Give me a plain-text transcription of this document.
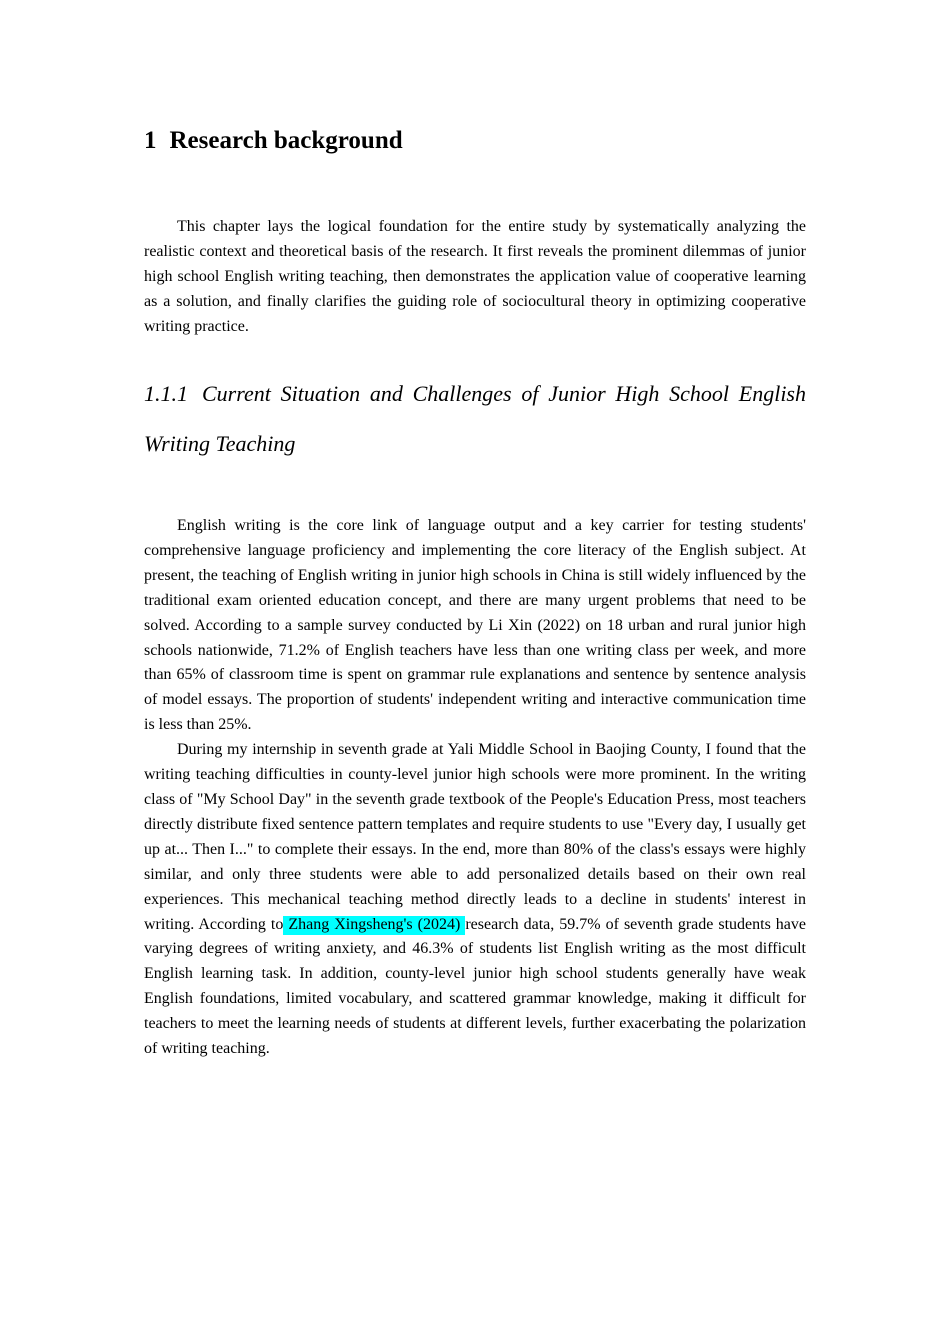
1 Research background

This chapter lays the logical foundation for the entire study by systematically analyzing the realistic context and theoretical basis of the research. It first reveals the prominent dilemmas of junior high school English writing teaching, then demonstrates the application value of cooperative learning as a solution, and finally clarifies the guiding role of sociocultural theory in optimizing cooperative writing practice.

1.1.1 Current Situation and Challenges of Junior High School English Writing Teaching

English writing is the core link of language output and a key carrier for testing students' comprehensive language proficiency and implementing the core literacy of the English subject. At present, the teaching of English writing in junior high schools in China is still widely influenced by the traditional exam oriented education concept, and there are many urgent problems that need to be solved. According to a sample survey conducted by Li Xin (2022) on 18 urban and rural junior high schools nationwide, 71.2% of English teachers have less than one writing class per week, and more than 65% of classroom time is spent on grammar rule explanations and sentence by sentence analysis of model essays. The proportion of students' independent writing and interactive communication time is less than 25%.

During my internship in seventh grade at Yali Middle School in Baojing County, I found that the writing teaching difficulties in county-level junior high schools were more prominent. In the writing class of "My School Day" in the seventh grade textbook of the People's Education Press, most teachers directly distribute fixed sentence pattern templates and require students to use "Every day, I usually get up at... Then I..." to complete their essays. In the end, more than 80% of the class's essays were highly similar, and only three students were able to add personalized details based on their own real experiences. This mechanical teaching method directly leads to a decline in students' interest in writing. According to Zhang Xingsheng's (2024) research data, 59.7% of seventh grade students have varying degrees of writing anxiety, and 46.3% of students list English writing as the most difficult English learning task. In addition, county-level junior high school students generally have weak English foundations, limited vocabulary, and scattered grammar knowledge, making it difficult for teachers to meet the learning needs of students at different levels, further exacerbating the polarization of writing teaching.
